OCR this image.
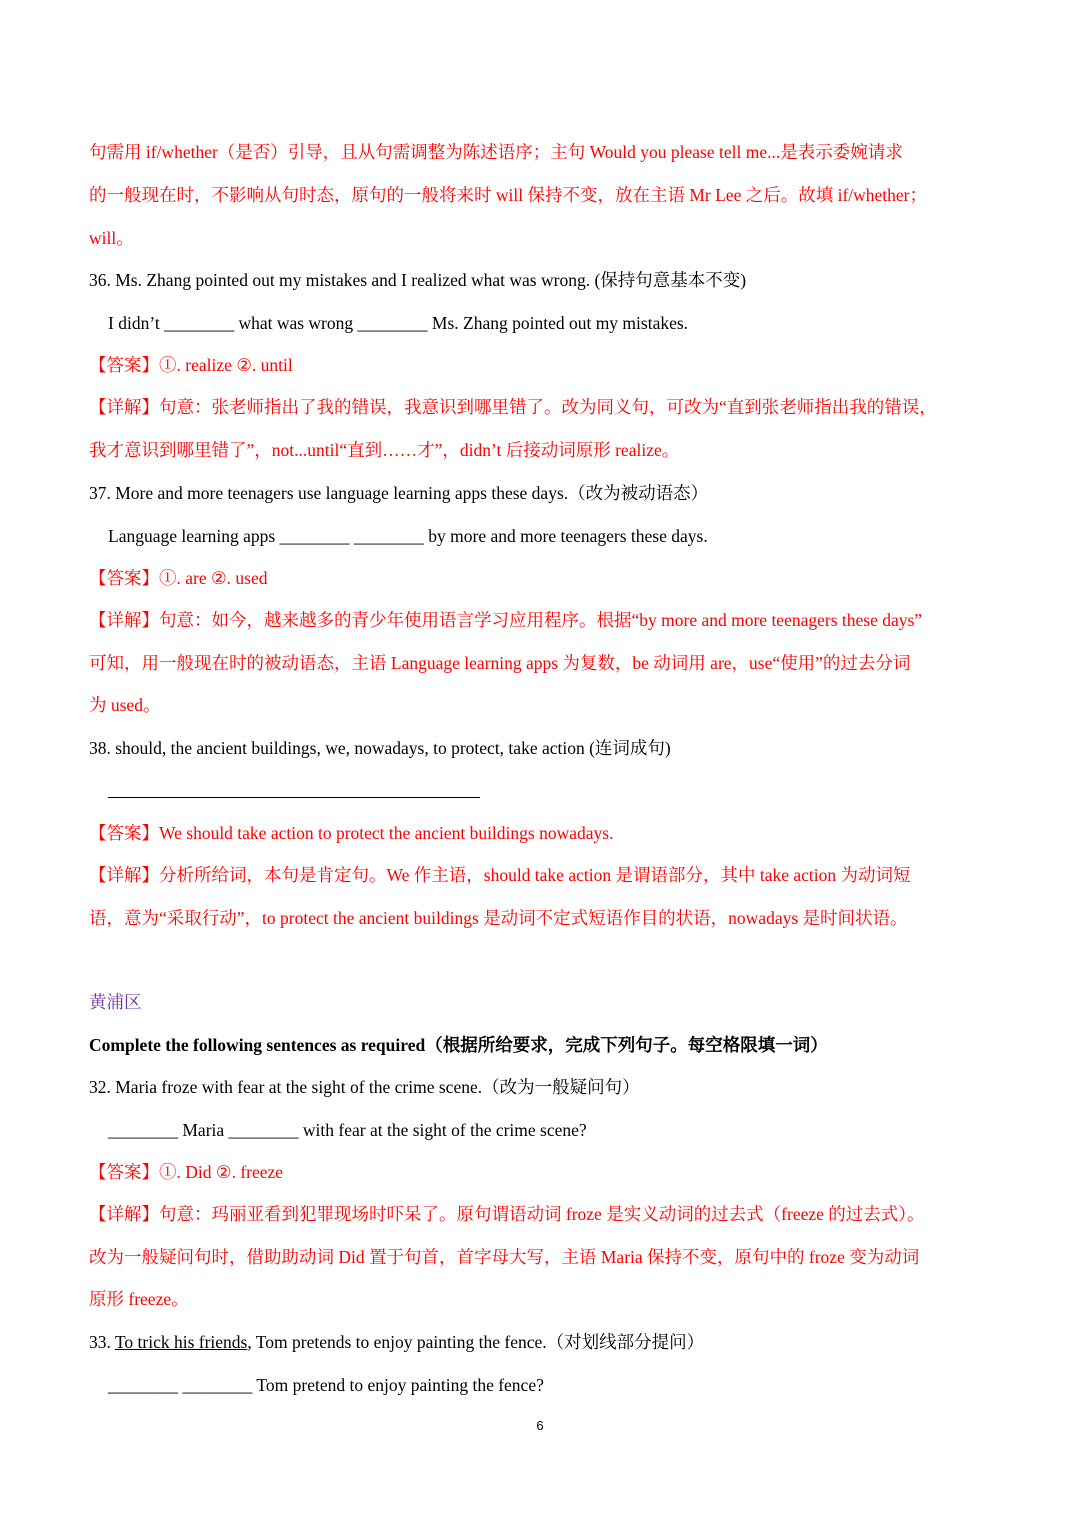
句需用 if/whether（是否）引导，且从句需调整为陈述语序；主句 Would you please tell me...是表示委婉请求
的一般现在时，不影响从句时态，原句的一般将来时 will 保持不变，放在主语 Mr Lee 之后。故填 if/whether；
will。
36. Ms. Zhang pointed out my mistakes and I realized what was wrong. (保持句意基本不变)
I didn’t ________ what was wrong ________ Ms. Zhang pointed out my mistakes.
【答案】①. realize ②. until
【详解】句意：张老师指出了我的错误，我意识到哪里错了。改为同义句，可改为“直到张老师指出我的错误，
我才意识到哪里错了”，not...until“直到……才”，didn’t 后接动词原形 realize。
37. More and more teenagers use language learning apps these days.（改为被动语态）
Language learning apps ________ ________ by more and more teenagers these days.
【答案】①. are ②. used
【详解】句意：如今，越来越多的青少年使用语言学习应用程序。根据“by more and more teenagers these days”
可知，用一般现在时的被动语态，主语 Language learning apps 为复数，be 动词用 are，use“使用”的过去分词
为 used。
38. should, the ancient buildings, we, nowadays, to protect, take action (连词成句)
【答案】We should take action to protect the ancient buildings nowadays.
【详解】分析所给词，本句是肯定句。We 作主语，should take action 是谓语部分，其中 take action 为动词短
语，意为“采取行动”，to protect the ancient buildings 是动词不定式短语作目的状语，nowadays 是时间状语。
黄浦区
Complete the following sentences as required（根据所给要求，完成下列句子。每空格限填一词）
32. Maria froze with fear at the sight of the crime scene.（改为一般疑问句）
________ Maria ________ with fear at the sight of the crime scene?
【答案】①. Did ②. freeze
【详解】句意：玛丽亚看到犯罪现场时吓呆了。原句谓语动词 froze 是实义动词的过去式（freeze 的过去式）。
改为一般疑问句时，借助助动词 Did 置于句首，首字母大写，主语 Maria 保持不变，原句中的 froze 变为动词
原形 freeze。
33. To trick his friends, Tom pretends to enjoy painting the fence.（对划线部分提问）
________ ________ Tom pretend to enjoy painting the fence?
6
